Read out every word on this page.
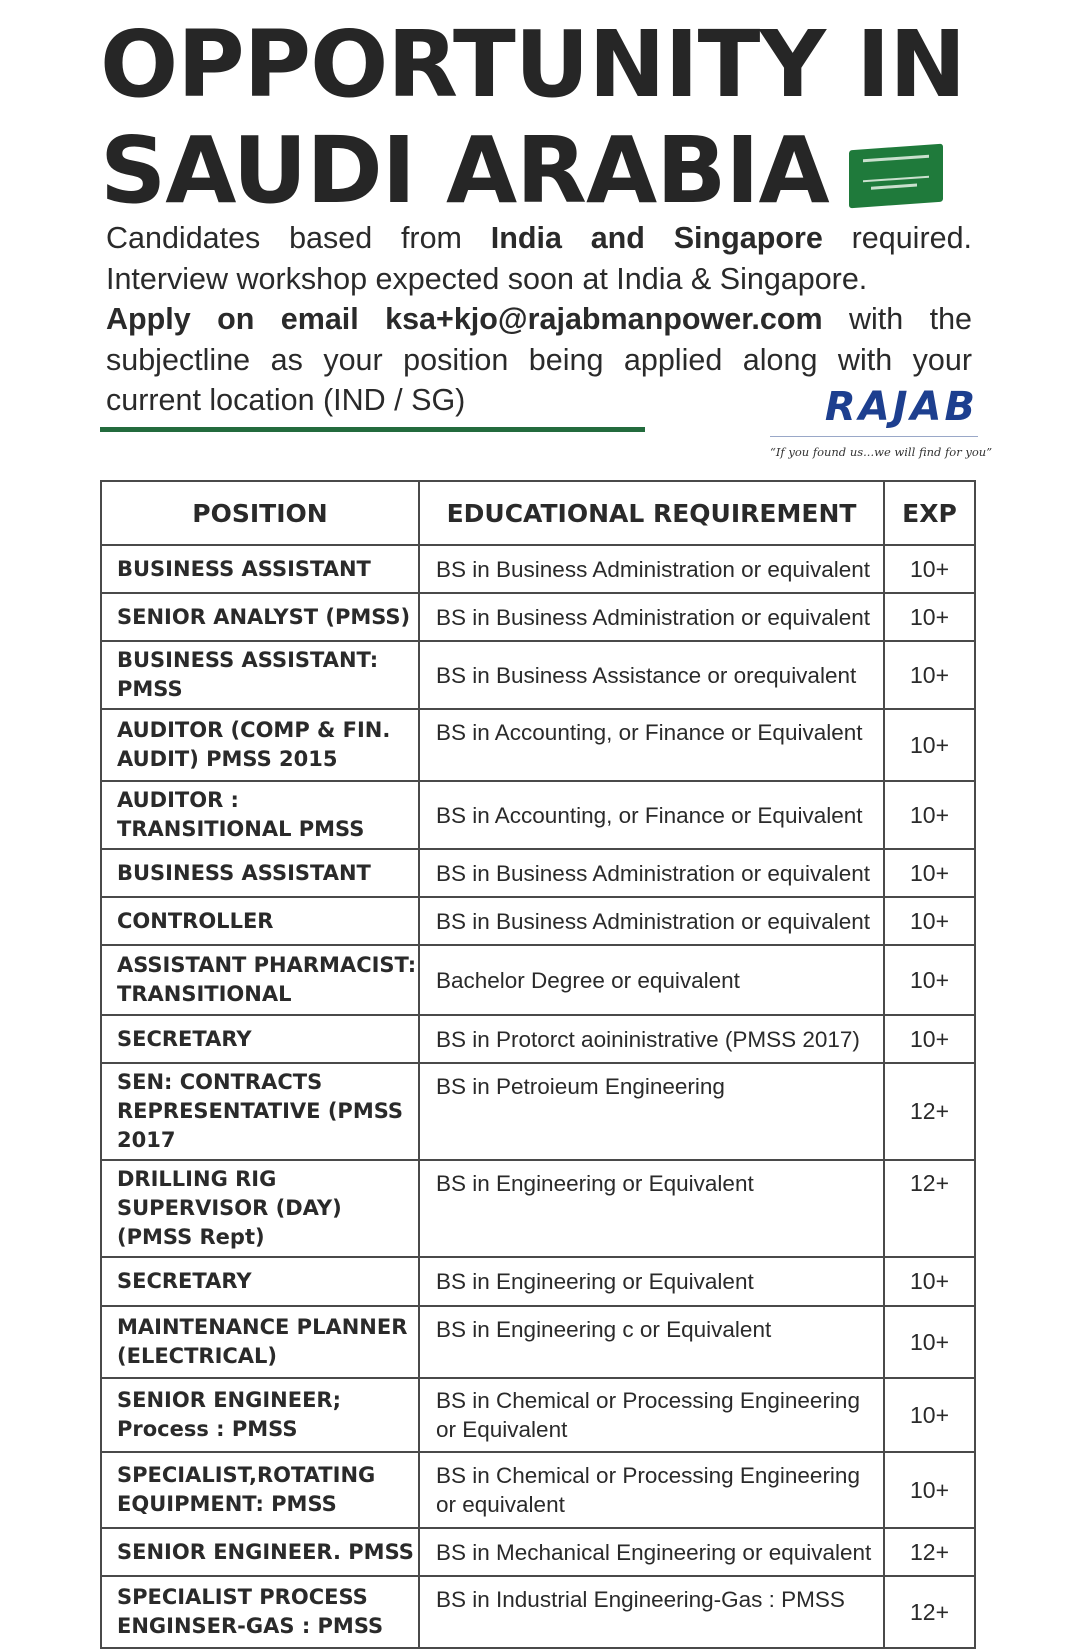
OPPORTUNITY IN
SAUDI ARABIA

Candidates based from India and Singapore required. Interview workshop expected soon at India & Singapore.

Apply on email ksa+kjo@rajabmanpower.com with the subjectline as your position being applied along with your current location (IND / SG)	RAJAB
“If you found us...we will find for you”
POSITION	EDUCATIONAL REQUIREMENT	EXP
BUSINESS ASSISTANT	BS in Business Administration or equivalent	10+
SENIOR ANALYST (PMSS)	BS in Business Administration or equivalent	10+
BUSINESS ASSISTANT: PMSS	BS in Business Assistance or orequivalent	10+
AUDITOR (COMP & FIN. AUDIT) PMSS 2015	BS in Accounting, or Finance or Equivalent	10+
AUDITOR : TRANSITIONAL PMSS	BS in Accounting, or Finance or Equivalent	10+
BUSINESS ASSISTANT	BS in Business Administration or equivalent	10+
CONTROLLER	BS in Business Administration or equivalent	10+
ASSISTANT PHARMACIST: TRANSITIONAL	Bachelor Degree or equivalent	10+
SECRETARY	BS in Protorct aoininistrative (PMSS 2017)	10+
SEN: CONTRACTS REPRESENTATIVE (PMSS 2017	BS in Petroieum Engineering	12+
DRILLING RIG SUPERVISOR (DAY) (PMSS Rept)	BS in Engineering or Equivalent	12+
SECRETARY	BS in Engineering or Equivalent	10+
MAINTENANCE PLANNER (ELECTRICAL)	BS in Engineering c or Equivalent	10+
SENIOR ENGINEER; Process : PMSS	BS in Chemical or Processing Engineering or Equivalent	10+
SPECIALIST,ROTATING EQUIPMENT: PMSS	BS in Chemical or Processing Engineering or equivalent	10+
SENIOR ENGINEER. PMSS	BS in Mechanical Engineering or equivalent	12+
SPECIALIST PROCESS ENGINSER-GAS : PMSS	BS in Industrial Engineering-Gas : PMSS	12+
